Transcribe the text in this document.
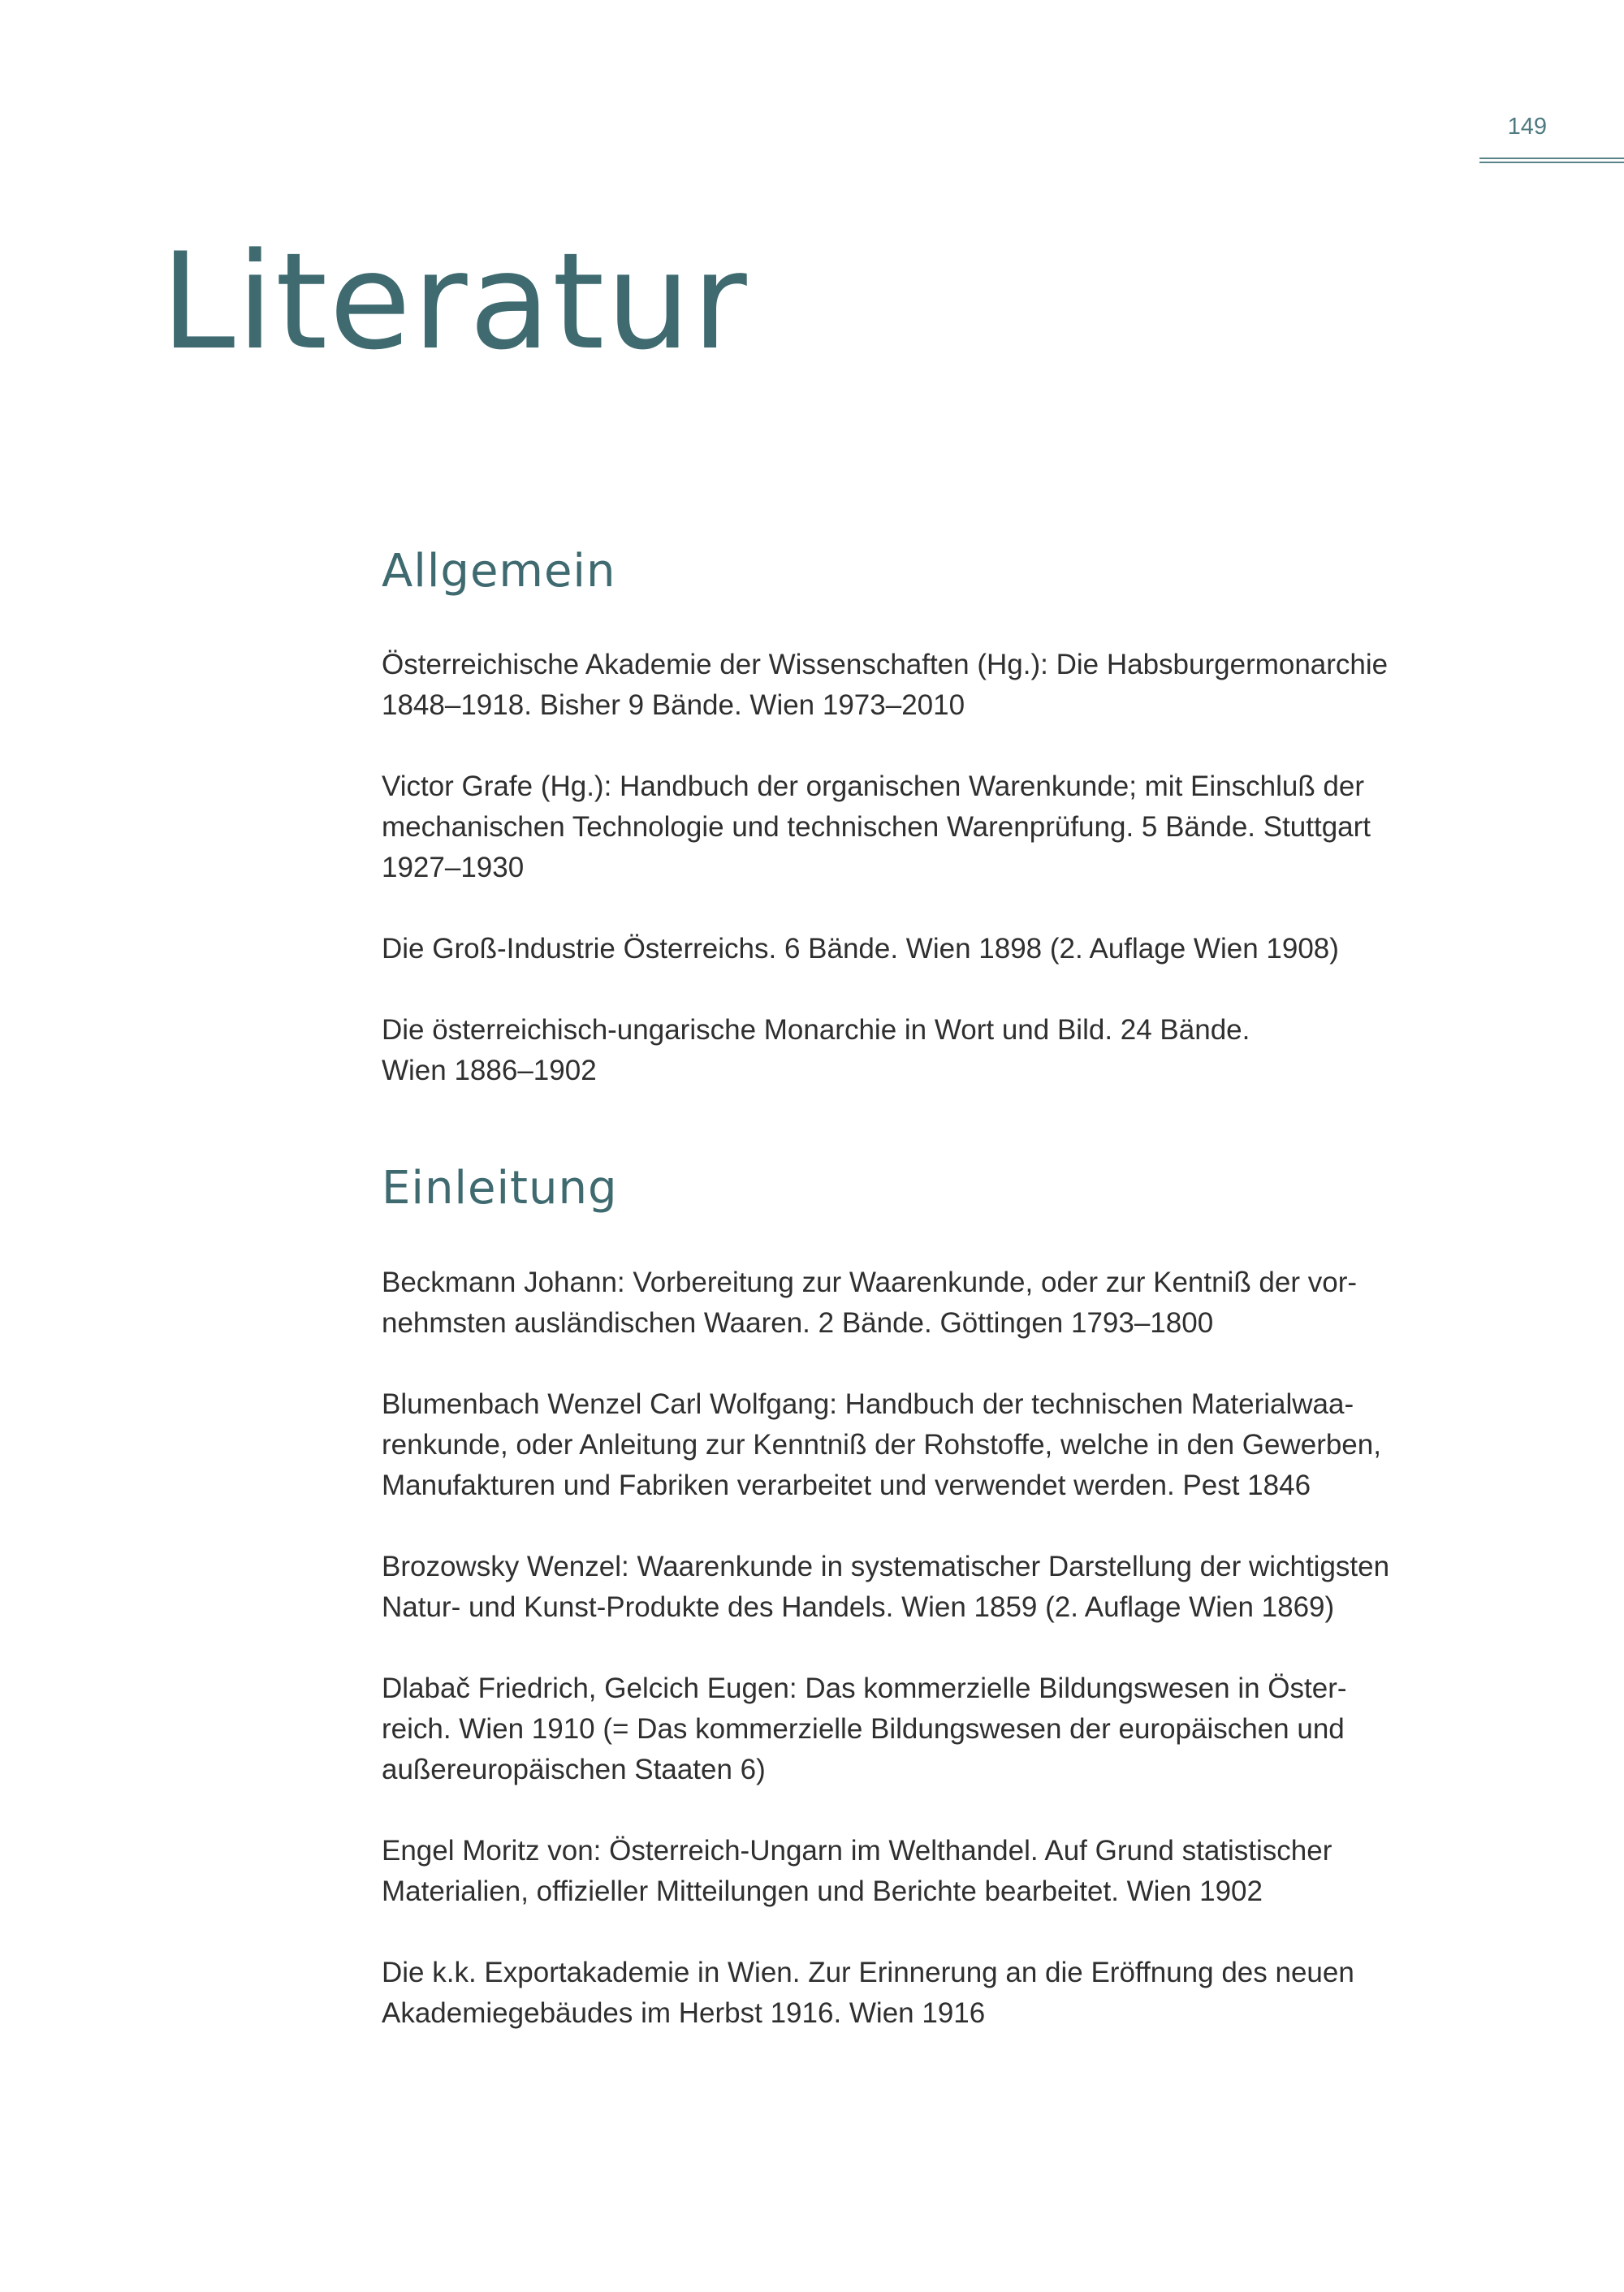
149
Literatur
Allgemein

Österreichische Akademie der Wissenschaften (Hg.): Die Habsburgermonarchie
1848–1918. Bisher 9 Bände. Wien 1973–2010

Victor Grafe (Hg.): Handbuch der organischen Warenkunde; mit Einschluß der
mechanischen Technologie und technischen Warenprüfung. 5 Bände. Stuttgart
1927–1930

Die Groß-Industrie Österreichs. 6 Bände. Wien 1898 (2. Auflage Wien 1908)

Die österreichisch-ungarische Monarchie in Wort und Bild. 24 Bände.
Wien 1886–1902

Einleitung

Beckmann Johann: Vorbereitung zur Waarenkunde, oder zur Kentniß der vor-
nehmsten ausländischen Waaren. 2 Bände. Göttingen 1793–1800

Blumenbach Wenzel Carl Wolfgang: Handbuch der technischen Materialwaa-
renkunde, oder Anleitung zur Kenntniß der Rohstoffe, welche in den Gewerben,
Manufakturen und Fabriken verarbeitet und verwendet werden. Pest 1846

Brozowsky Wenzel: Waarenkunde in systematischer Darstellung der wichtigsten
Natur- und Kunst-Produkte des Handels. Wien 1859 (2. Auflage Wien 1869)

Dlabač Friedrich, Gelcich Eugen: Das kommerzielle Bildungswesen in Öster-
reich. Wien 1910 (= Das kommerzielle Bildungswesen der europäischen und
außereuropäischen Staaten 6)

Engel Moritz von: Österreich-Ungarn im Welthandel. Auf Grund statistischer
Materialien, offizieller Mitteilungen und Berichte bearbeitet. Wien 1902

Die k.k. Exportakademie in Wien. Zur Erinnerung an die Eröffnung des neuen
Akademiegebäudes im Herbst 1916. Wien 1916
